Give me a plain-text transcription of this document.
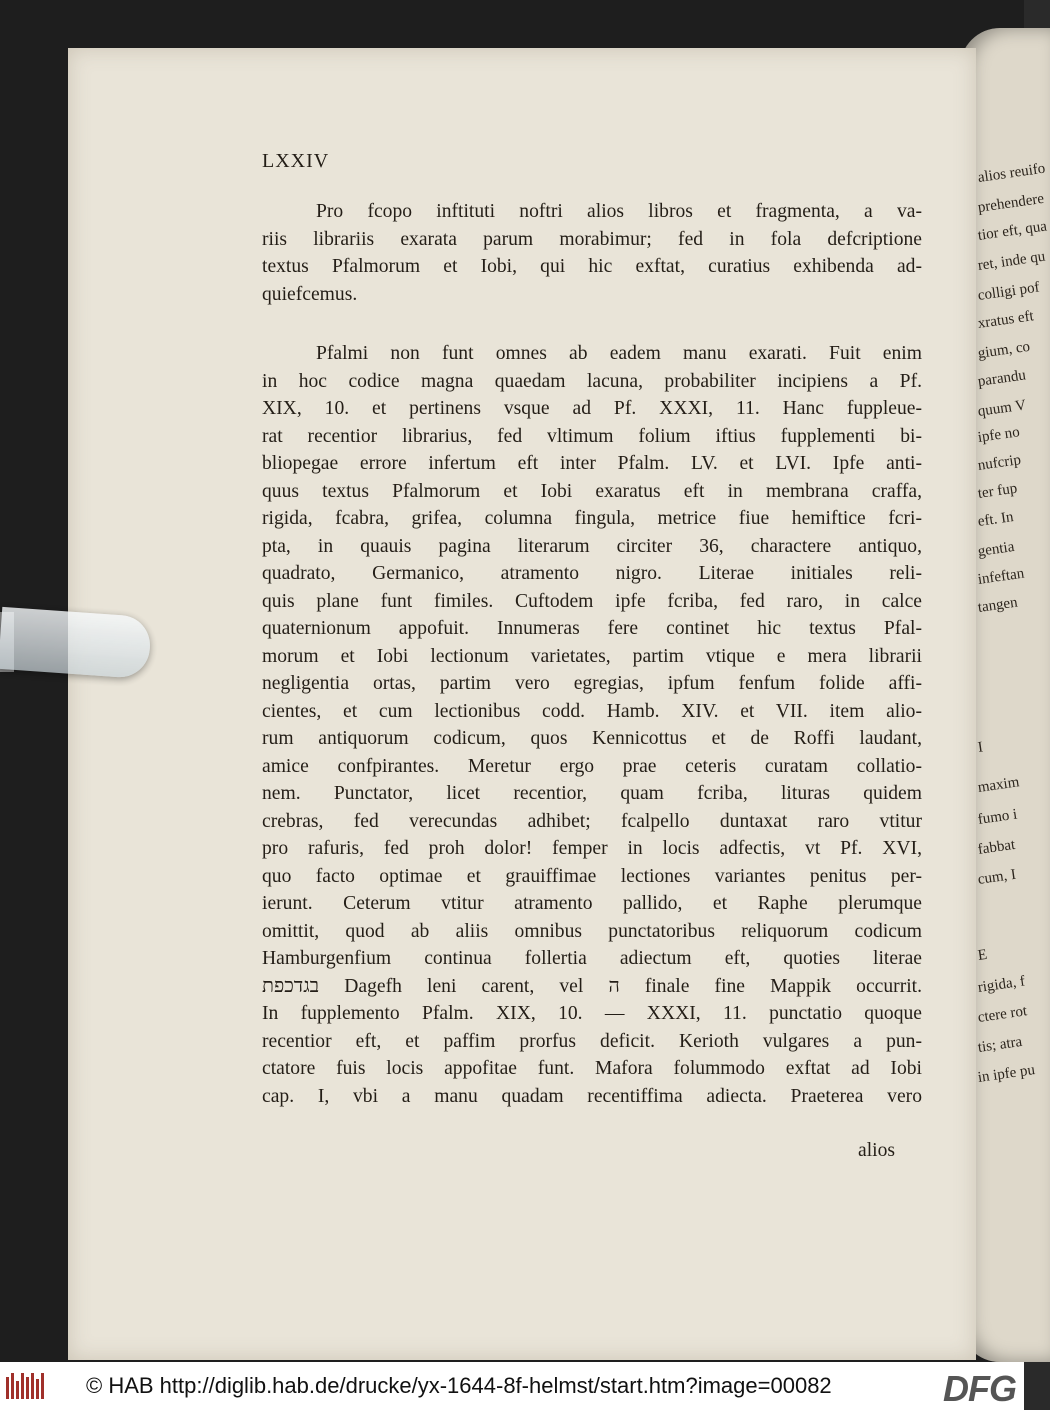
alios reuifo
prehendere
tior eft, qua
ret, inde qu
colligi pof
xratus eft
gium, co
parandu
quum V
ipfe no
nufcrip
ter fup
eft. In
gentia
infeftan
tangen
I
maxim
fumo i
fabbat
cum, I
E
rigida, f
ctere rot
tis; atra
in ipfe pu
LXXIV
Pro fcopo inftituti noftri alios libros et fragmenta, a va-
riis librariis exarata parum morabimur; fed in fola defcriptione
textus Pfalmorum et Iobi, qui hic exftat, curatius exhibenda ad-
quiefcemus.
Pfalmi non funt omnes ab eadem manu exarati. Fuit enim
in hoc codice magna quaedam lacuna, probabiliter incipiens a Pf.
XIX, 10. et pertinens vsque ad Pf. XXXI, 11. Hanc fuppleue-
rat recentior librarius, fed vltimum folium iftius fupplementi bi-
bliopegae errore infertum eft inter Pfalm. LV. et LVI. Ipfe anti-
quus textus Pfalmorum et Iobi exaratus eft in membrana craffa,
rigida, fcabra, grifea, columna fingula, metrice fiue hemiftice fcri-
pta, in quauis pagina literarum circiter 36, charactere antiquo,
quadrato, Germanico, atramento nigro. Literae initiales reli-
quis plane funt fimiles. Cuftodem ipfe fcriba, fed raro, in calce
quaternionum appofuit. Innumeras fere continet hic textus Pfal-
morum et Iobi lectionum varietates, partim vtique e mera librarii
negligentia ortas, partim vero egregias, ipfum fenfum folide affi-
cientes, et cum lectionibus codd. Hamb. XIV. et VII. item alio-
rum antiquorum codicum, quos Kennicottus et de Roffi laudant,
amice confpirantes. Meretur ergo prae ceteris curatam collatio-
nem. Punctator, licet recentior, quam fcriba, lituras quidem
crebras, fed verecundas adhibet; fcalpello duntaxat raro vtitur
pro rafuris, fed proh dolor! femper in locis adfectis, vt Pf. XVI,
quo facto optimae et grauiffimae lectiones variantes penitus per-
ierunt. Ceterum vtitur atramento pallido, et Raphe plerumque
omittit, quod ab aliis omnibus punctatoribus reliquorum codicum
Hamburgenfium continua follertia adiectum eft, quoties literae
בגדכפת Dagefh leni carent, vel ה finale fine Mappik occurrit.
In fupplemento Pfalm. XIX, 10. — XXXI, 11. punctatio quoque
recentior eft, et paffim prorfus deficit. Kerioth vulgares a pun-
ctatore fuis locis appofitae funt. Mafora folummodo exftat ad Iobi
cap. I, vbi a manu quadam recentiffima adiecta. Praeterea vero
alios
© HAB http://diglib.hab.de/drucke/yx-1644-8f-helmst/start.htm?image=00082	DFG
